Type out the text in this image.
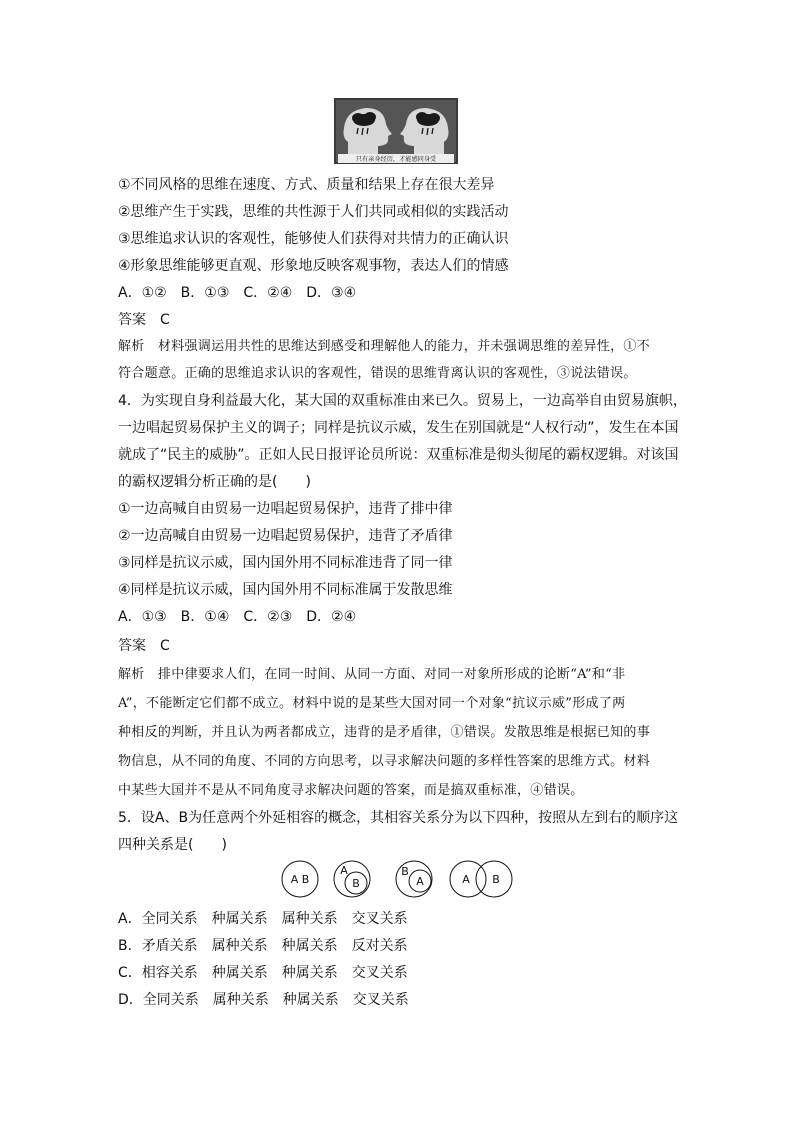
只有亲身经历，才能感同身受
①不同风格的思维在速度、方式、质量和结果上存在很大差异
②思维产生于实践，思维的共性源于人们共同或相似的实践活动
③思维追求认识的客观性，能够使人们获得对共情力的正确认识
④形象思维能够更直观、形象地反映客观事物，表达人们的情感
A．①②　B．①③　C．②④　D．③④
答案　C
解析　材料强调运用共性的思维达到感受和理解他人的能力，并未强调思维的差异性，①不
符合题意。正确的思维追求认识的客观性，错误的思维背离认识的客观性，③说法错误。
4．为实现自身利益最大化，某大国的双重标准由来已久。贸易上，一边高举自由贸易旗帜，
一边唱起贸易保护主义的调子；同样是抗议示威，发生在别国就是“人权行动”，发生在本国
就成了“民主的威胁”。正如人民日报评论员所说：双重标准是彻头彻尾的霸权逻辑。对该国
的霸权逻辑分析正确的是(　　)
①一边高喊自由贸易一边唱起贸易保护，违背了排中律
②一边高喊自由贸易一边唱起贸易保护，违背了矛盾律
③同样是抗议示威，国内国外用不同标准违背了同一律
④同样是抗议示威，国内国外用不同标准属于发散思维
A．①③　B．①④　C．②③　D．②④
答案　C
解析　排中律要求人们，在同一时间、从同一方面、对同一对象所形成的论断“A”和“非
A”，不能断定它们都不成立。材料中说的是某些大国对同一个对象“抗议示威”形成了两
种相反的判断，并且认为两者都成立，违背的是矛盾律，①错误。发散思维是根据已知的事
物信息，从不同的角度、不同的方向思考，以寻求解决问题的多样性答案的思维方式。材料
中某些大国并不是从不同角度寻求解决问题的答案，而是搞双重标准，④错误。
5．设A、B为任意两个外延相容的概念，其相容关系分为以下四种，按照从左到右的顺序这
四种关系是(　　)
A B
A
B
B
A	A B
A．全同关系　种属关系　属种关系　交叉关系
B．矛盾关系　属种关系　种属关系　反对关系
C．相容关系　种属关系　种属关系　交叉关系
D．全同关系　属种关系　种属关系　交叉关系
